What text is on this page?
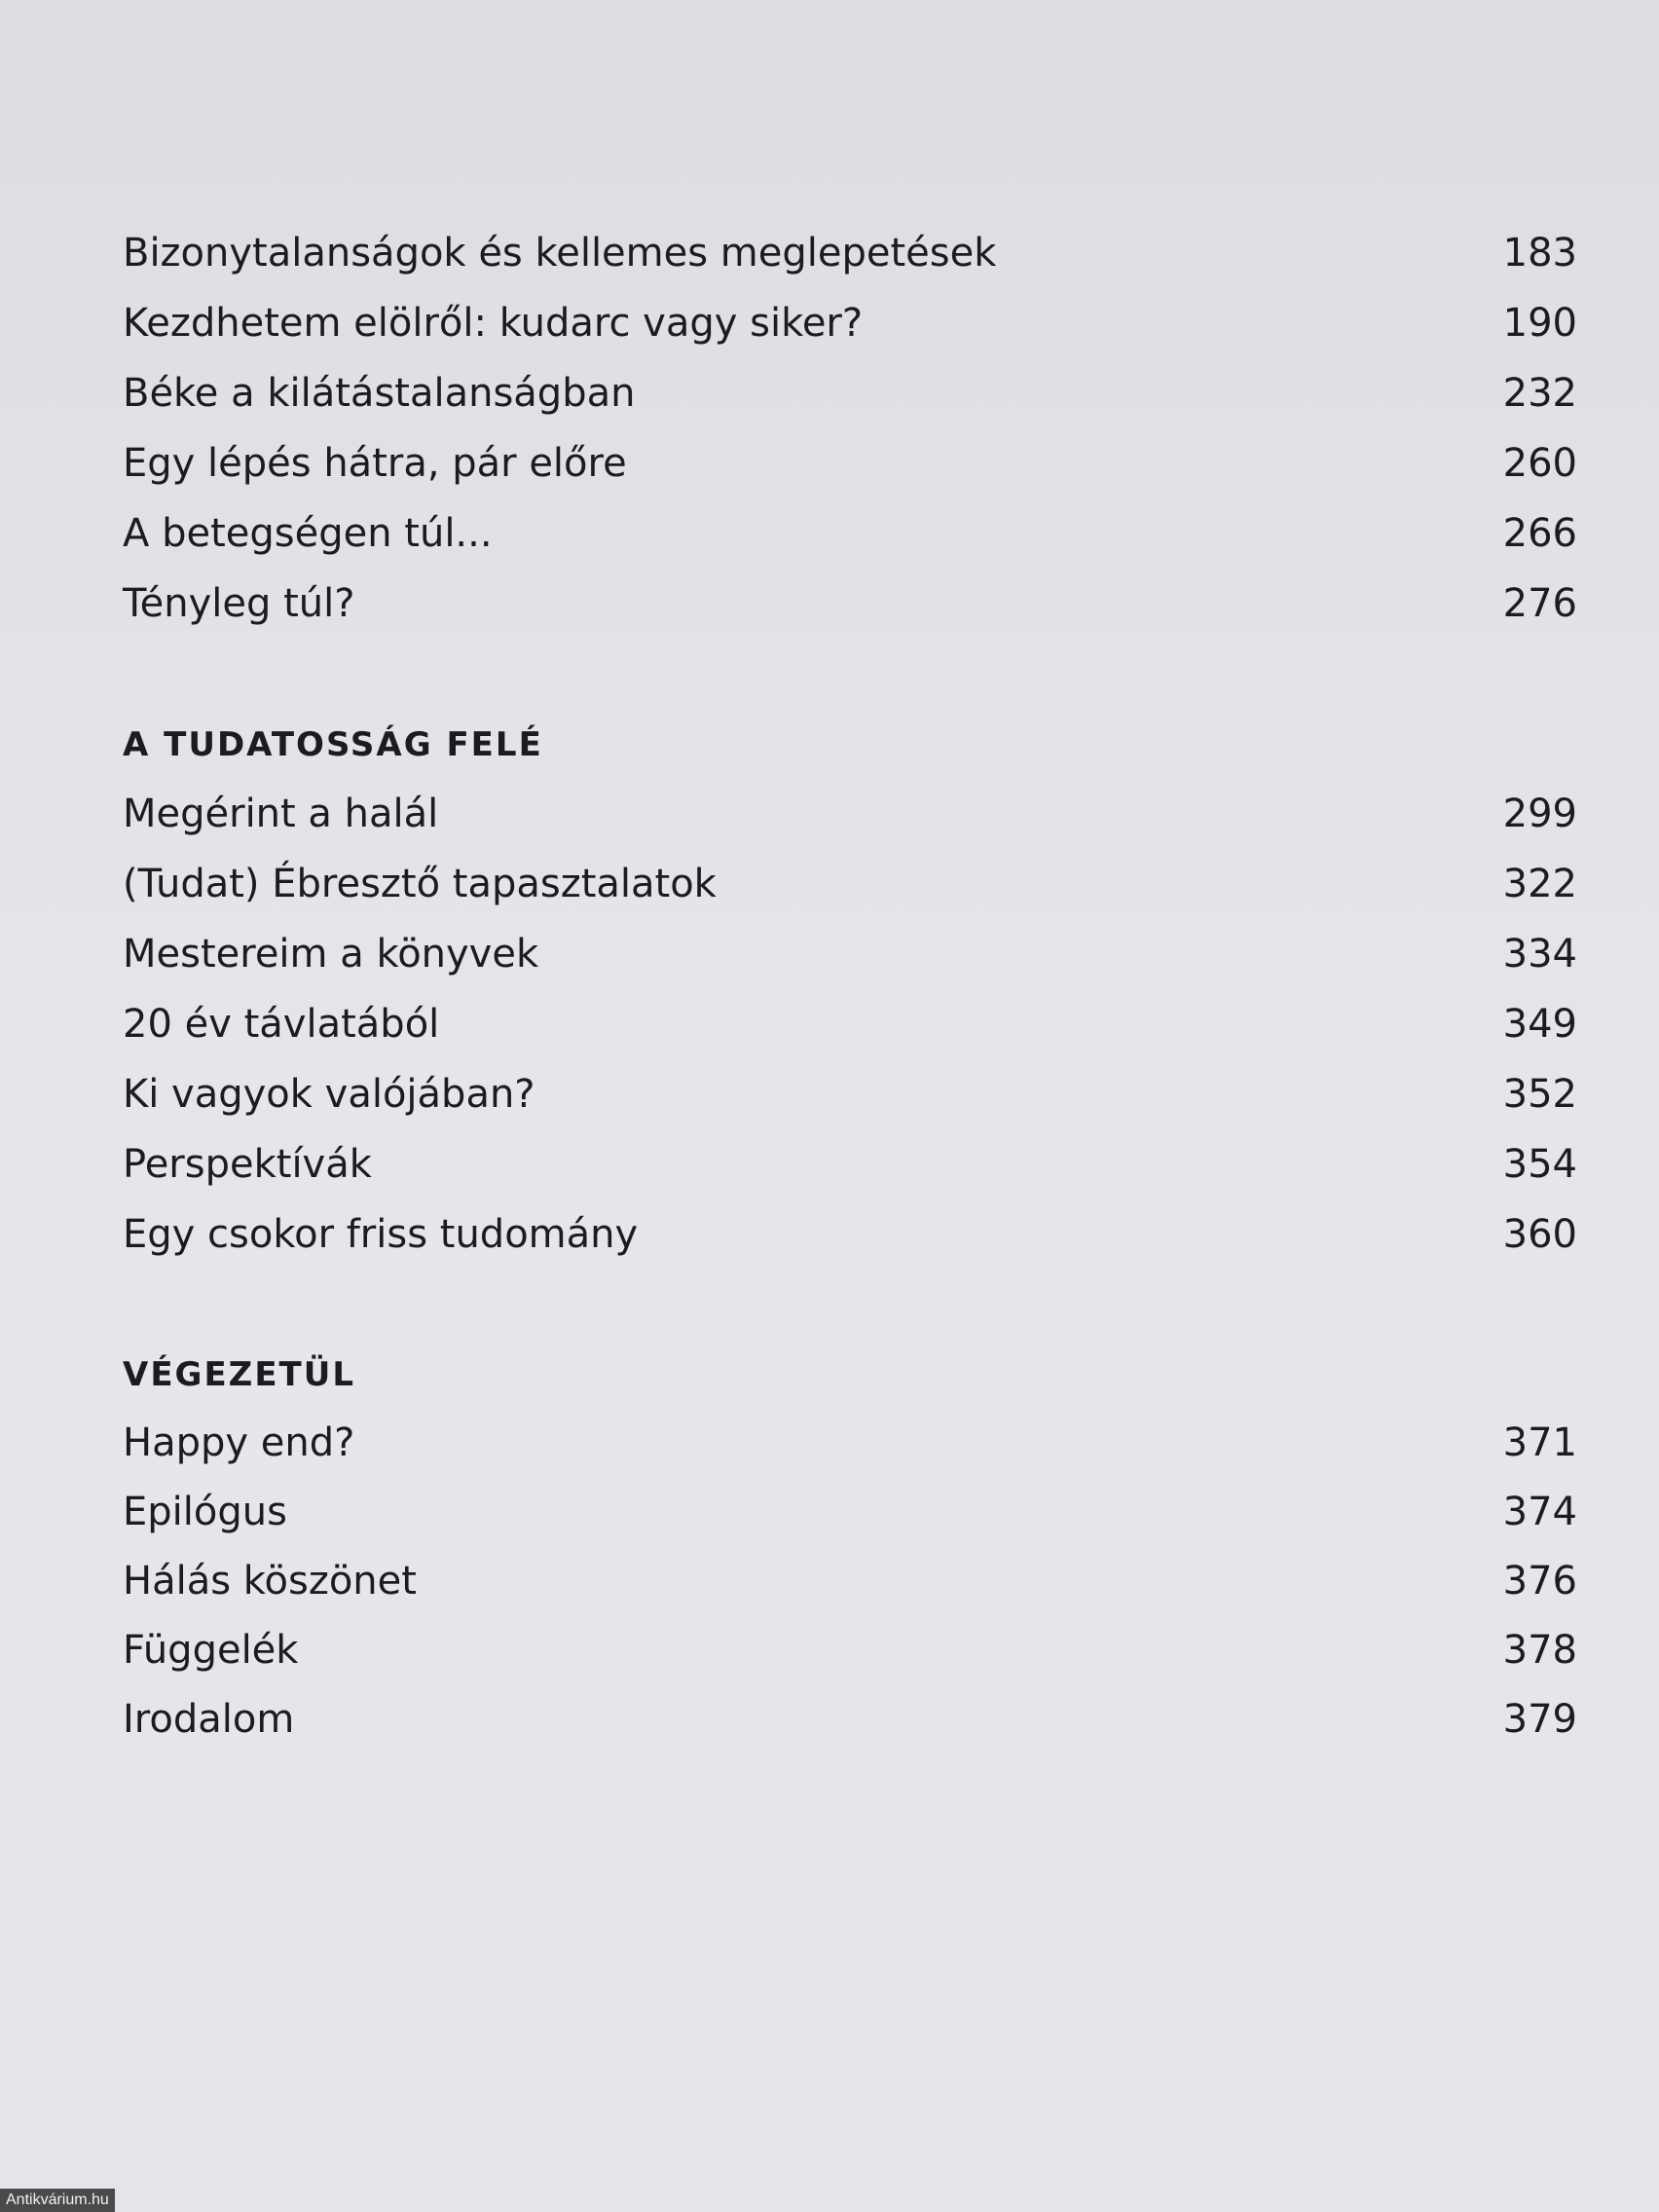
Bizonytalanságok és kellemes meglepetések	183
Kezdhetem elölről: kudarc vagy siker?	190
Béke a kilátástalanságban	232
Egy lépés hátra, pár előre	260
A betegségen túl...	266
Tényleg túl?	276
A TUDATOSSÁG FELÉ
Megérint a halál	299
(Tudat) Ébresztő tapasztalatok	322
Mestereim a könyvek	334
20 év távlatából	349
Ki vagyok valójában?	352
Perspektívák	354
Egy csokor friss tudomány	360
VÉGEZETÜL
Happy end?	371
Epilógus	374
Hálás köszönet	376
Függelék	378
Irodalom	379
Antikvárium.hu
